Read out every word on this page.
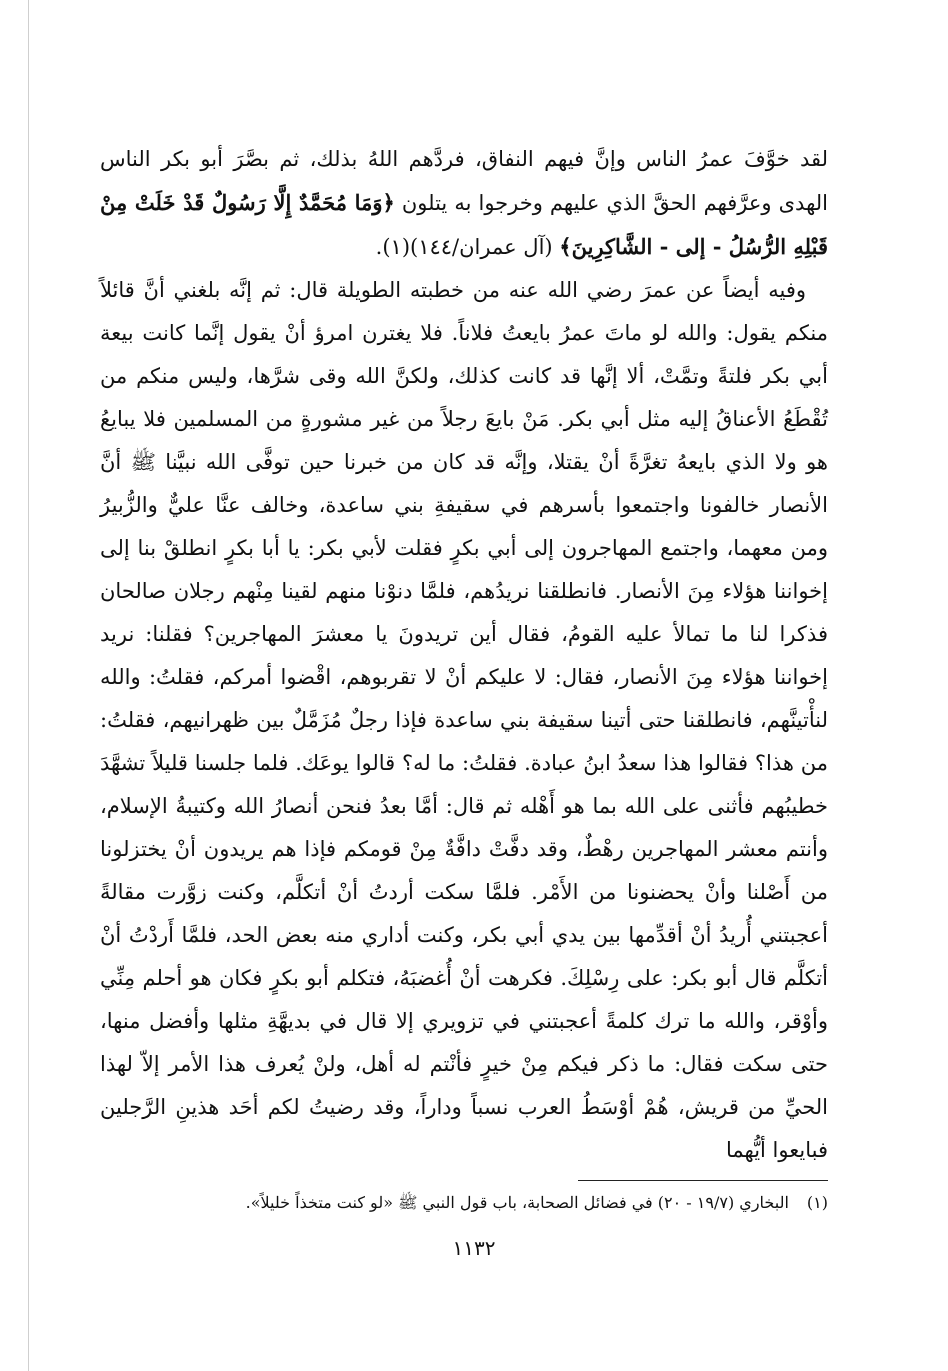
لقد خوَّفَ عمرُ الناس وإنَّ فيهم النفاق، فردَّهم اللهُ بذلك، ثم بصَّرَ أبو بكر الناس الهدى وعرَّفهم الحقَّ الذي عليهم وخرجوا به يتلون ﴿وَمَا مُحَمَّدٌ إِلَّا رَسُولٌ قَدْ خَلَتْ مِنْ قَبْلِهِ الرُّسُلُ - إلى - الشَّاكِرِينَ﴾ (آل عمران/١٤٤)(١).

وفيه أيضاً عن عمرَ رضي الله عنه من خطبته الطويلة قال: ثم إنَّه بلغني أنَّ قائلاً منكم يقول: والله لو ماتَ عمرُ بايعتُ فلاناً. فلا يغترن امرؤ أنْ يقول إنَّما كانت بيعة أبي بكر فلتةً وتمَّتْ، ألا إنَّها قد كانت كذلك، ولكنَّ الله وقى شرَّها، وليس منكم من تُقْطَعُ الأعناقُ إليه مثل أبي بكر. مَنْ بايعَ رجلاً من غير مشورةٍ من المسلمين فلا يبايعُ هو ولا الذي بايعهُ تغرَّةً أنْ يقتلا، وإنَّه قد كان من خبرنا حين توفَّى الله نبيَّنا ﷺ أنَّ الأنصار خالفونا واجتمعوا بأسرهم في سقيفةِ بني ساعدة، وخالف عنَّا عليٌّ والزُّبيرُ ومن معهما، واجتمع المهاجرون إلى أبي بكرٍ فقلت لأبي بكر: يا أبا بكرٍ انطلقْ بنا إلى إخواننا هؤلاء مِنَ الأنصار. فانطلقنا نريدُهم، فلمَّا دنوْنا منهم لقينا مِنْهم رجلان صالحان فذكرا لنا ما تمالأ عليه القومُ، فقال أين تريدونَ يا معشرَ المهاجرين؟ فقلنا: نريد إخواننا هؤلاء مِنَ الأنصار، فقال: لا عليكم أنْ لا تقربوهم، اقْضوا أمركم، فقلتُ: والله لنأْتينَّهم، فانطلقنا حتى أتينا سقيفة بني ساعدة فإذا رجلٌ مُزَمَّلٌ بين ظهرانيهم، فقلتُ: من هذا؟ فقالوا هذا سعدُ ابنُ عبادة. فقلتُ: ما له؟ قالوا يوعَك. فلما جلسنا قليلاً تشهَّدَ خطيبُهم فأثنى على الله بما هو أَهْله ثم قال: أمَّا بعدُ فنحن أنصارُ الله وكتيبةُ الإسلام، وأنتم معشر المهاجرين رهْطٌ، وقد دفَّتْ دافَّةٌ مِنْ قومكم فإذا هم يريدون أنْ يختزلونا من أَصْلنا وأنْ يحضنونا من الأَمْر. فلمَّا سكت أردتُ أنْ أتكلَّم، وكنت زوَّرت مقالةً أعجبتني أُريدُ أنْ أقدِّمها بين يدي أبي بكر، وكنت أداري منه بعض الحد، فلمَّا أَردْتُ أنْ أتكلَّم قال أبو بكر: على رِسْلِكَ. فكرهت أنْ أُغضبَهُ، فتكلم أبو بكرٍ فكان هو أحلم مِنِّي وأوْقر، والله ما ترك كلمةً أعجبتني في تزويري إلا قال في بديهَّةِ مثلها وأفضل منها، حتى سكت فقال: ما ذكر فيكم مِنْ خيرٍ فأنْتم له أهل، ولنْ يُعرف هذا الأمر إلاّ لهذا الحيِّ من قريش، هُمْ أوْسَطُ العرب نسباً وداراً، وقد رضيتُ لكم أحَد هذينِ الرَّجلين فبايعوا أيُّهما

(١)البخاري (١٩/٧ - ٢٠) في فضائل الصحابة، باب قول النبي ﷺ «لو كنت متخذاً خليلاً».
١١٣٢
